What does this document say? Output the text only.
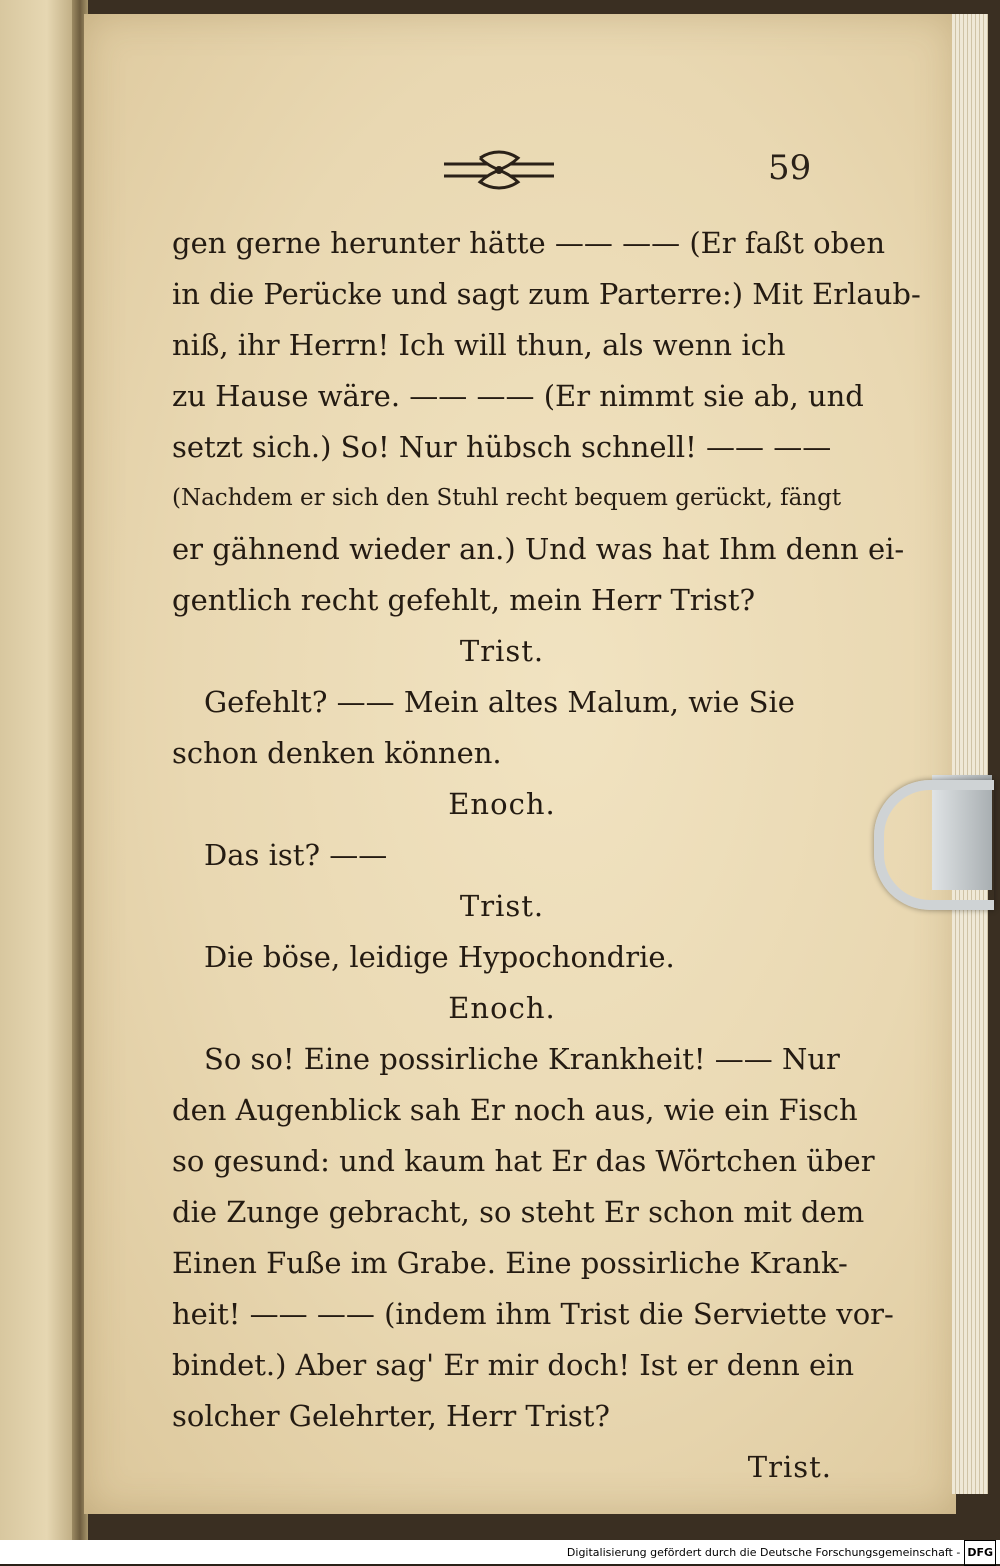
59
gen gerne herunter hätte —— —— (Er faßt oben
in die Perücke und sagt zum Parterre:) Mit Erlaub-
niß, ihr Herrn! Ich will thun, als wenn ich
zu Hause wäre. —— —— (Er nimmt sie ab, und
setzt sich.) So! Nur hübsch schnell! —— ——
(Nachdem er sich den Stuhl recht bequem gerückt, fängt
er gähnend wieder an.) Und was hat Ihm denn ei-
gentlich recht gefehlt, mein Herr Trist?
Trist.
Gefehlt? —— Mein altes Malum, wie Sie
schon denken können.
Enoch.
Das ist? ——
Trist.
Die böse, leidige Hypochondrie.
Enoch.
So so! Eine possirliche Krankheit! —— Nur
den Augenblick sah Er noch aus, wie ein Fisch
so gesund: und kaum hat Er das Wörtchen über
die Zunge gebracht, so steht Er schon mit dem
Einen Fuße im Grabe. Eine possirliche Krank-
heit! —— —— (indem ihm Trist die Serviette vor-
bindet.) Aber sag' Er mir doch! Ist er denn ein
solcher Gelehrter, Herr Trist?
Trist.
Digitalisierung gefördert durch die Deutsche Forschungsgemeinschaft - DFG
